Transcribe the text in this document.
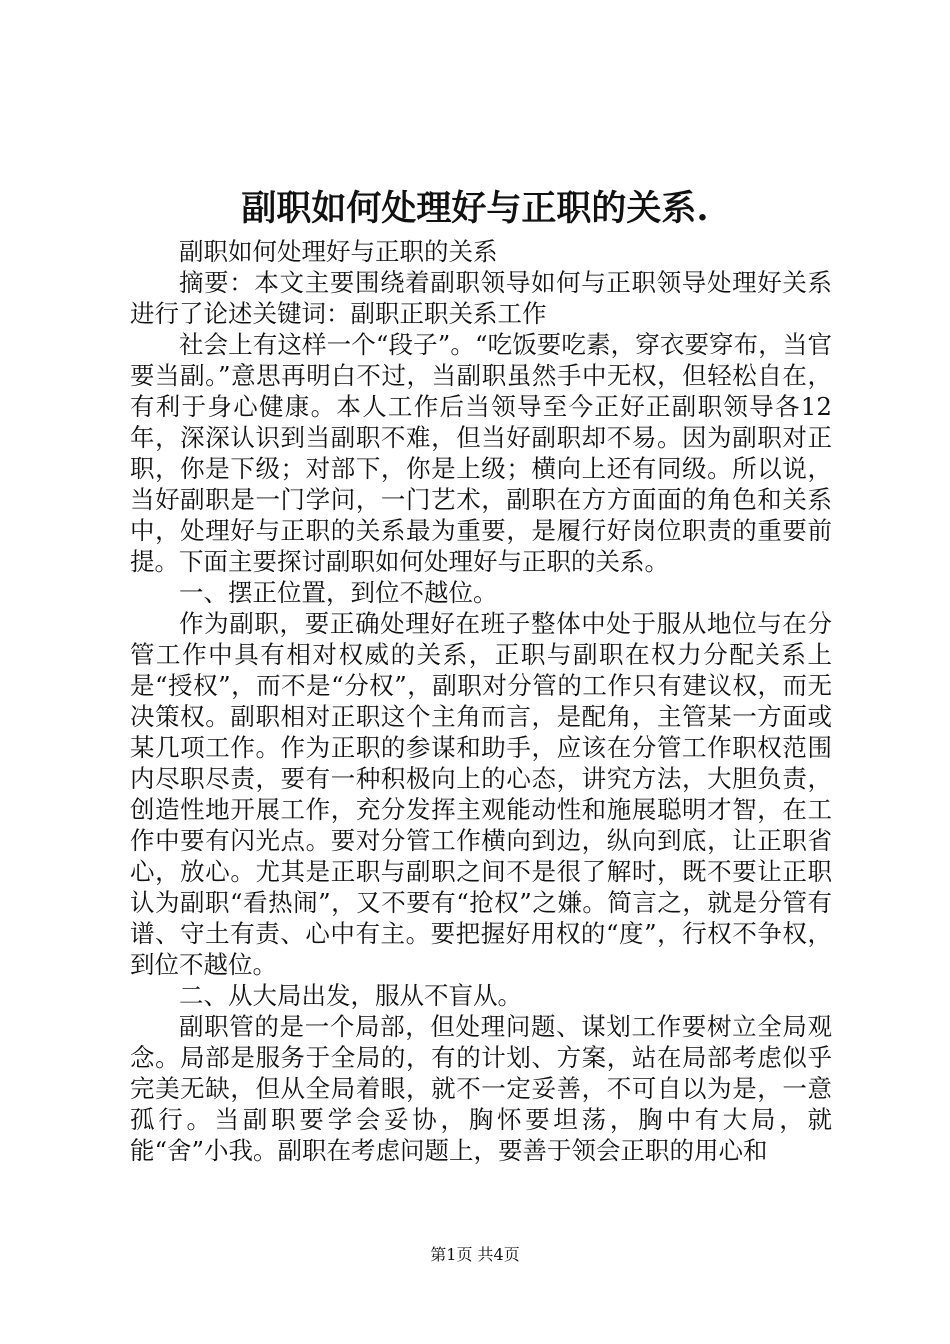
副职如何处理好与正职的关系.

副职如何处理好与正职的关系

摘要：本文主要围绕着副职领导如何与正职领导处理好关系进行了论述关键词：副职正职关系工作

社会上有这样一个“段子”。“吃饭要吃素，穿衣要穿布，当官要当副。”意思再明白不过，当副职虽然手中无权，但轻松自在，有利于身心健康。本人工作后当领导至今正好正副职领导各12年，深深认识到当副职不难，但当好副职却不易。因为副职对正职，你是下级；对部下，你是上级；横向上还有同级。所以说，当好副职是一门学问，一门艺术，副职在方方面面的角色和关系中，处理好与正职的关系最为重要，是履行好岗位职责的重要前提。下面主要探讨副职如何处理好与正职的关系。

一、摆正位置，到位不越位。

作为副职，要正确处理好在班子整体中处于服从地位与在分管工作中具有相对权威的关系，正职与副职在权力分配关系上是“授权”，而不是“分权”，副职对分管的工作只有建议权，而无决策权。副职相对正职这个主角而言，是配角，主管某一方面或某几项工作。作为正职的参谋和助手，应该在分管工作职权范围内尽职尽责，要有一种积极向上的心态，讲究方法，大胆负责，创造性地开展工作，充分发挥主观能动性和施展聪明才智，在工作中要有闪光点。要对分管工作横向到边，纵向到底，让正职省心，放心。尤其是正职与副职之间不是很了解时，既不要让正职认为副职“看热闹”，又不要有“抢权”之嫌。简言之，就是分管有谱、守土有责、心中有主。要把握好用权的“度”，行权不争权，到位不越位。

二、从大局出发，服从不盲从。

副职管的是一个局部，但处理问题、谋划工作要树立全局观念。局部是服务于全局的，有的计划、方案，站在局部考虑似乎完美无缺，但从全局着眼，就不一定妥善，不可自以为是，一意孤行。当副职要学会妥协，胸怀要坦荡，胸中有大局，就能“舍”小我。副职在考虑问题上，要善于领会正职的用心和

第1页 共4页
